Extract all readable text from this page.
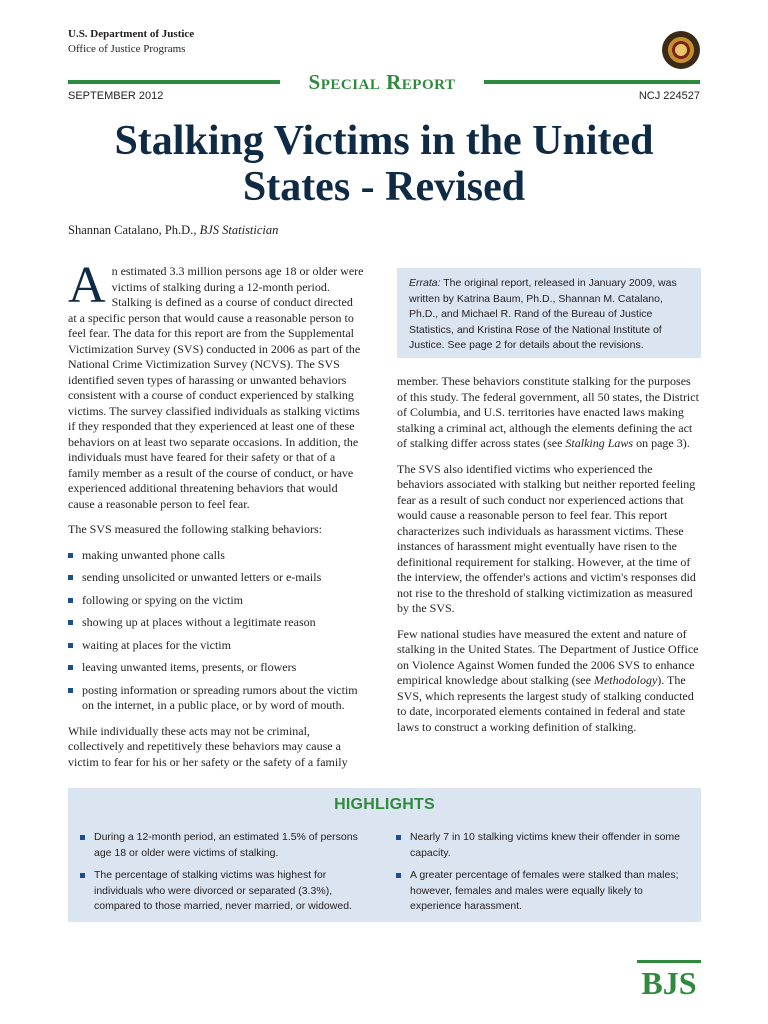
U.S. Department of Justice
Office of Justice Programs
Special Report
SEPTEMBER 2012	NCJ 224527
Stalking Victims in the United
States - Revised
Shannan Catalano, Ph.D., BJS Statistician

An estimated 3.3 million persons age 18 or older were victims of stalking during a 12-month period. Stalking is defined as a course of conduct directed at a specific person that would cause a reasonable person to feel fear. The data for this report are from the Supplemental Victimization Survey (SVS) conducted in 2006 as part of the National Crime Victimization Survey (NCVS). The SVS identified seven types of harassing or unwanted behaviors consistent with a course of conduct experienced by stalking victims. The survey classified individuals as stalking victims if they responded that they experienced at least one of these behaviors on at least two separate occasions. In addition, the individuals must have feared for their safety or that of a family member as a result of the course of conduct, or have experienced additional threatening behaviors that would cause a reasonable person to feel fear.

The SVS measured the following stalking behaviors:

making unwanted phone calls
sending unsolicited or unwanted letters or e-mails
following or spying on the victim
showing up at places without a legitimate reason
waiting at places for the victim
leaving unwanted items, presents, or flowers
posting information or spreading rumors about the victim on the internet, in a public place, or by word of mouth.

While individually these acts may not be criminal, collectively and repetitively these behaviors may cause a victim to fear for his or her safety or the safety of a family

Errata: The original report, released in January 2009, was written by Katrina Baum, Ph.D., Shannan M. Catalano, Ph.D., and Michael R. Rand of the Bureau of Justice Statistics, and Kristina Rose of the National Institute of Justice. See page 2 for details about the revisions.

member. These behaviors constitute stalking for the purposes of this study. The federal government, all 50 states, the District of Columbia, and U.S. territories have enacted laws making stalking a criminal act, although the elements defining the act of stalking differ across states (see Stalking Laws on page 3).

The SVS also identified victims who experienced the behaviors associated with stalking but neither reported feeling fear as a result of such conduct nor experienced actions that would cause a reasonable person to feel fear. This report characterizes such individuals as harassment victims. These instances of harassment might eventually have risen to the definitional requirement for stalking. However, at the time of the interview, the offender's actions and victim's responses did not rise to the threshold of stalking victimization as measured by the SVS.

Few national studies have measured the extent and nature of stalking in the United States. The Department of Justice Office on Violence Against Women funded the 2006 SVS to enhance empirical knowledge about stalking (see Methodology). The SVS, which represents the largest study of stalking conducted to date, incorporated elements contained in federal and state laws to construct a working definition of stalking.

HIGHLIGHTS
During a 12-month period, an estimated 1.5% of persons age 18 or older were victims of stalking.
The percentage of stalking victims was highest for individuals who were divorced or separated (3.3%), compared to those married, never married, or widowed.
Nearly 7 in 10 stalking victims knew their offender in some capacity.
A greater percentage of females were stalked than males; however, females and males were equally likely to experience harassment.
BJS
